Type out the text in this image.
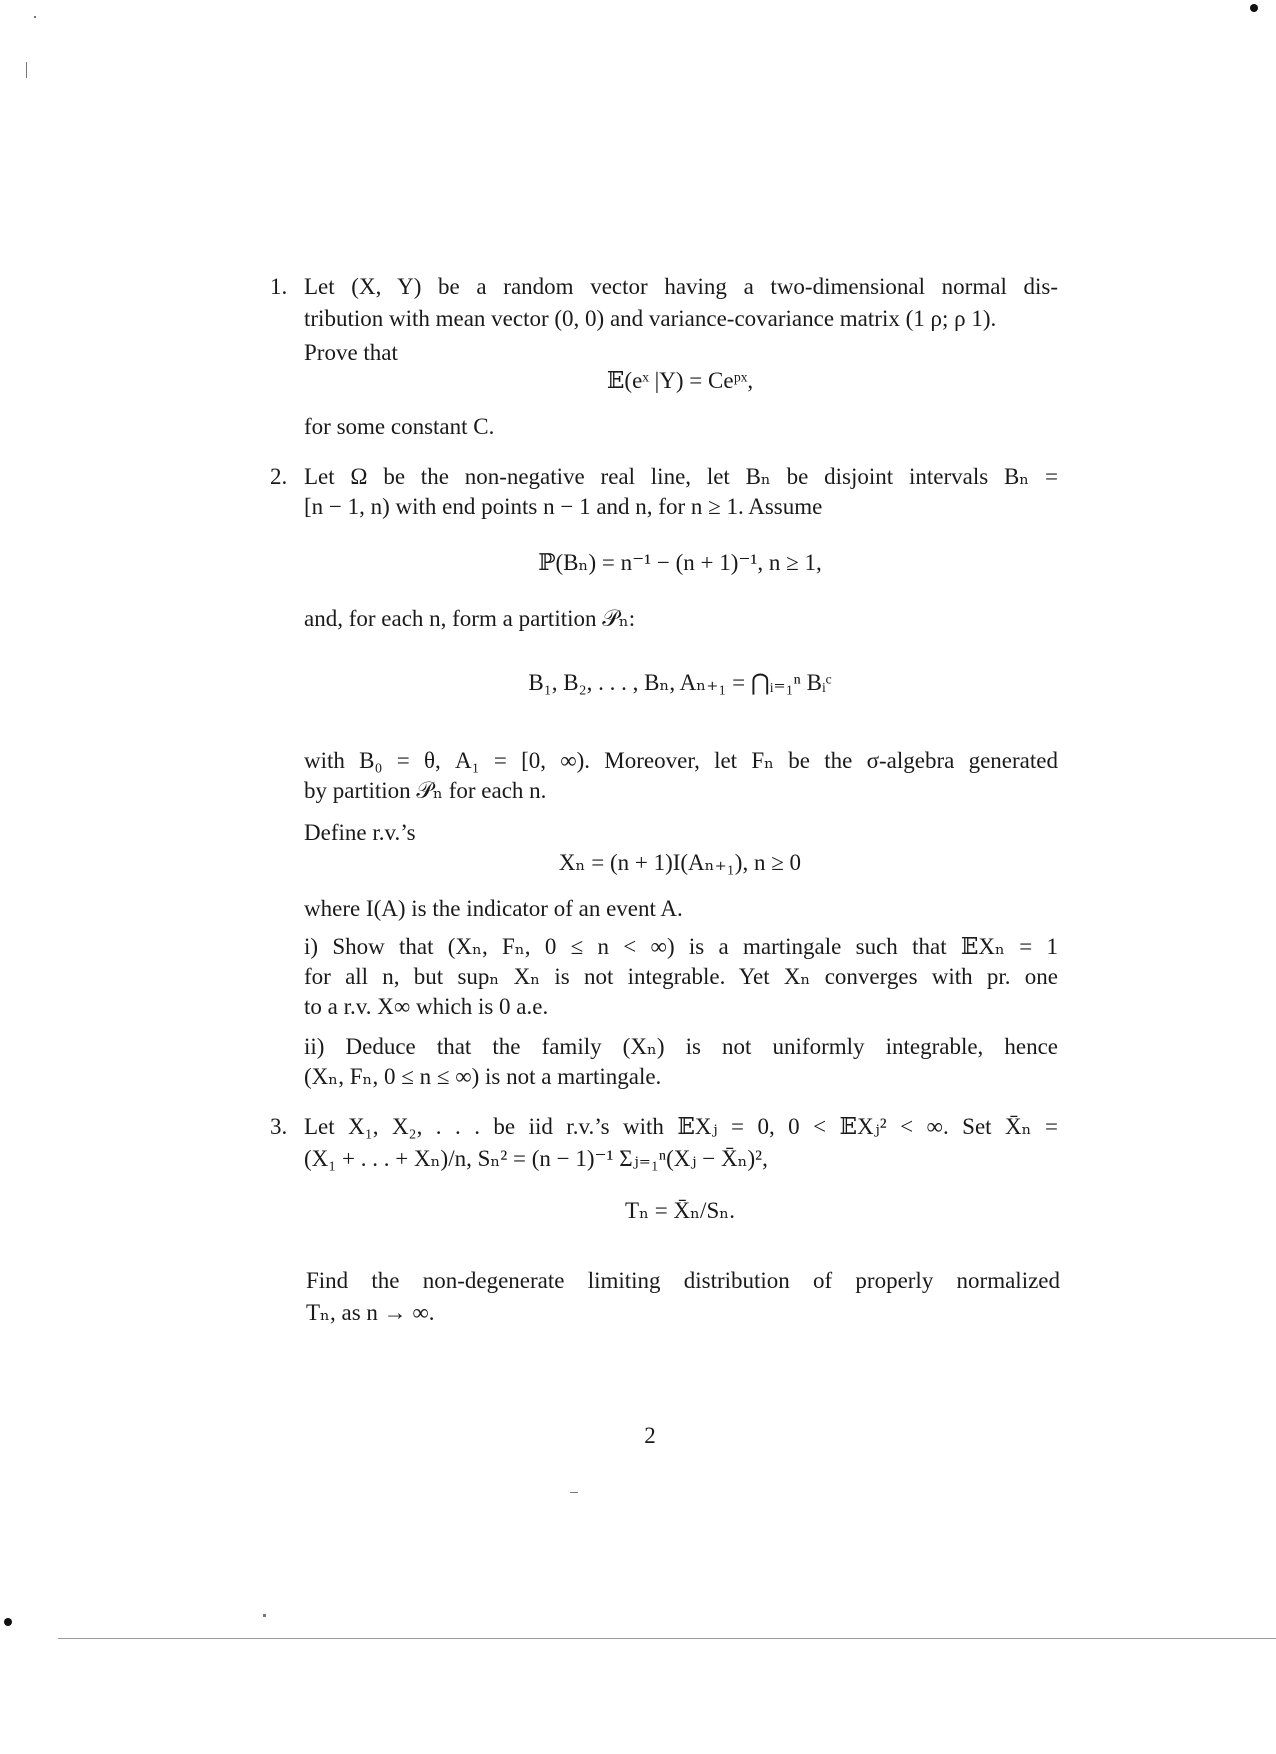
1. Let (X, Y) be a random vector having a two-dimensional normal dis-
tribution with mean vector (0, 0) and variance-covariance matrix (1 ρ; ρ 1).
Prove that
𝔼(eˣ |Y) = Ceᵖˣ,
for some constant C.
2. Let Ω be the non-negative real line, let Bₙ be disjoint intervals Bₙ =
[n − 1, n) with end points n − 1 and n, for n ≥ 1. Assume
ℙ(Bₙ) = n⁻¹ − (n + 1)⁻¹, n ≥ 1,
and, for each n, form a partition 𝒫ₙ:
B₁, B₂, . . . , Bₙ, Aₙ₊₁ = ⋂ᵢ₌₁ⁿ Bᵢᶜ
with B₀ = θ, A₁ = [0, ∞). Moreover, let Fₙ be the σ-algebra generated
by partition 𝒫ₙ for each n.
Define r.v.’s
Xₙ = (n + 1)I(Aₙ₊₁), n ≥ 0
where I(A) is the indicator of an event A.
i) Show that (Xₙ, Fₙ, 0 ≤ n < ∞) is a martingale such that 𝔼Xₙ = 1
for all n, but supₙ Xₙ is not integrable. Yet Xₙ converges with pr. one
to a r.v. X∞ which is 0 a.e.
ii) Deduce that the family (Xₙ) is not uniformly integrable, hence
(Xₙ, Fₙ, 0 ≤ n ≤ ∞) is not a martingale.
3. Let X₁, X₂, . . . be iid r.v.’s with 𝔼Xⱼ = 0, 0 < 𝔼Xⱼ² < ∞. Set X̄ₙ =
(X₁ + . . . + Xₙ)/n, Sₙ² = (n − 1)⁻¹ Σⱼ₌₁ⁿ(Xⱼ − X̄ₙ)²,
Tₙ = X̄ₙ/Sₙ.
Find the non-degenerate limiting distribution of properly normalized
Tₙ, as n → ∞.
2
